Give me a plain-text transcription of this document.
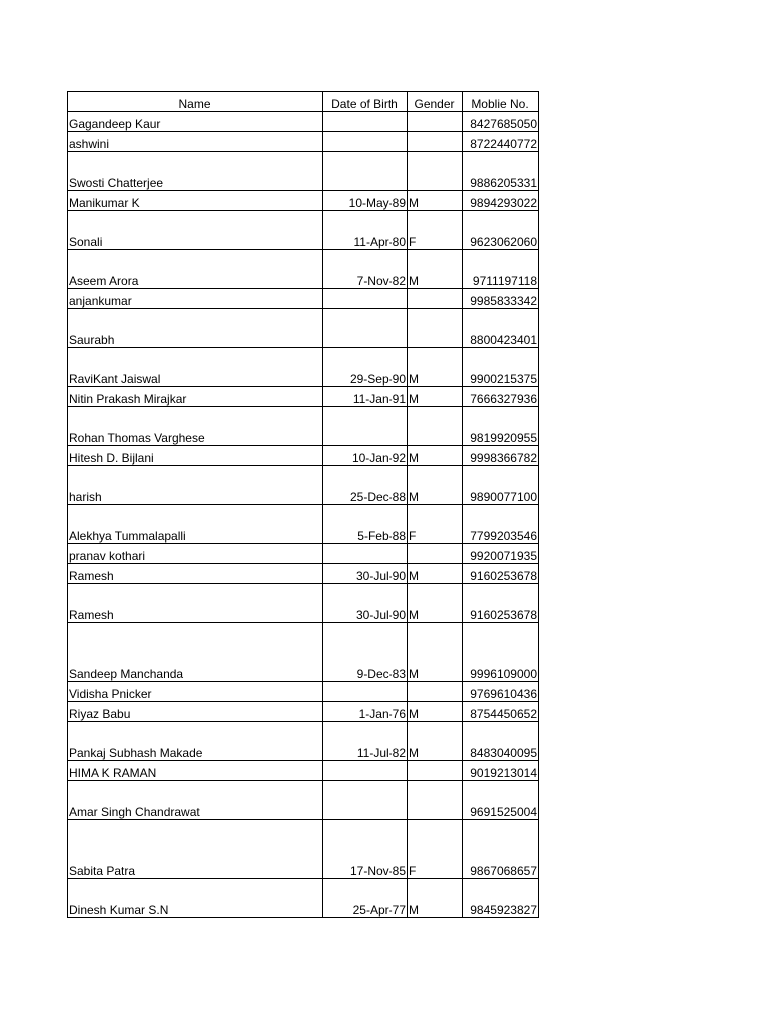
Name	Date of Birth	Gender	Moblie No.
Gagandeep Kaur			8427685050
ashwini			8722440772
Swosti Chatterjee			9886205331
Manikumar K	10-May-89	M	9894293022
Sonali	11-Apr-80	F	9623062060
Aseem Arora	7-Nov-82	M	9711197118
anjankumar			9985833342
Saurabh			8800423401
RaviKant Jaiswal	29-Sep-90	M	9900215375
Nitin Prakash Mirajkar	11-Jan-91	M	7666327936
Rohan Thomas Varghese			9819920955
Hitesh D. Bijlani	10-Jan-92	M	9998366782
harish	25-Dec-88	M	9890077100
Alekhya Tummalapalli	5-Feb-88	F	7799203546
pranav kothari			9920071935
Ramesh	30-Jul-90	M	9160253678
Ramesh	30-Jul-90	M	9160253678
Sandeep Manchanda	9-Dec-83	M	9996109000
Vidisha Pnicker			9769610436
Riyaz Babu	1-Jan-76	M	8754450652
Pankaj Subhash Makade	11-Jul-82	M	8483040095
HIMA K RAMAN			9019213014
Amar Singh Chandrawat			9691525004
Sabita Patra	17-Nov-85	F	9867068657
Dinesh Kumar S.N	25-Apr-77	M	9845923827
